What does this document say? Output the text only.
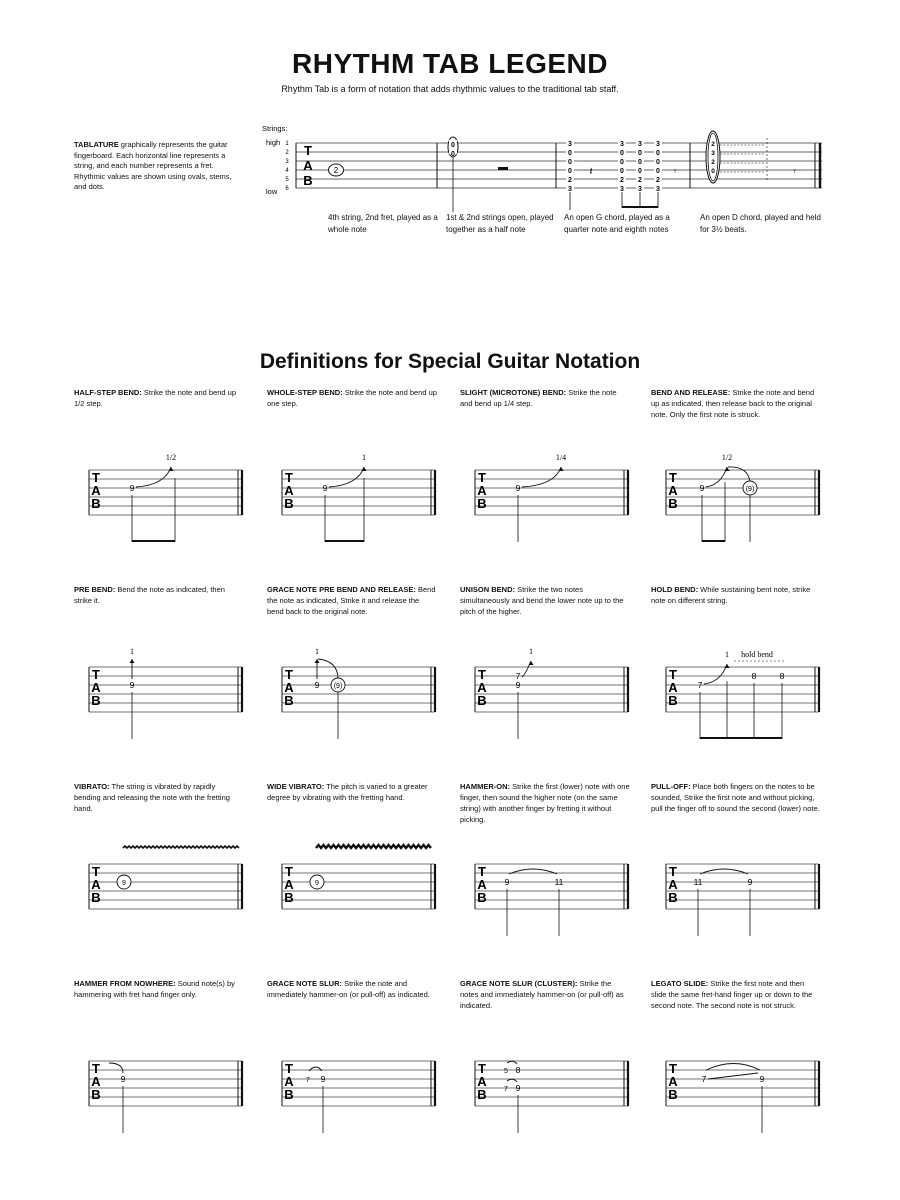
RHYTHM TAB LEGEND
Rhythm Tab is a form of notation that adds rhythmic values to the traditional tab staff.
TABLATURE graphically represents the guitar fingerboard. Each horizontal line represents a string, and each number represents a fret. Rhythmic values are shown using ovals, stems, and dots.
Strings:
high
low
1
2
3
4
5
6
T
A
B
2
0
0
3
0
0
0
2
3
𝄽
3
0
0
0
2
3
3
0
0
0
2
3
3
0
0
0
2
3
𝄾
2
3
2
0	𝄾
4th string, 2nd fret, played as a whole note
1st & 2nd strings open, played together as a half note
An open G chord, played as a quarter note and eighth notes
An open D chord, played and held for 3½ beats.
Definitions for Special Guitar Notation
HALF-STEP BEND: Strike the note and bend up 1/2 step.
T
A
B
9
1/2
WHOLE-STEP BEND: Strike the note and bend up one step.
T
A
B
9
1
SLIGHT (MICROTONE) BEND: Strike the note and bend up 1/4 step.
T
A
B
9
1/4
BEND AND RELEASE: Strike the note and bend up as indicated, then release back to the original note. Only the first note is struck.
T
A
B
9
1/2
(9)
PRE BEND: Bend the note as indicated, then strike it.
T
A
B
9
1
GRACE NOTE PRE BEND AND RELEASE: Bend the note as indicated, Strike it and release the bend back to the original note.
T
A
B
9
1
(9)
UNISON BEND: Strike the two notes simultaneously and bend the lower note up to the pitch of the higher.
T
A
B
7
9
1
HOLD BEND: While sustaining bent note, strike note on different string.
T
A
B
7
1 hold bend
8	8
VIBRATO: The string is vibrated by rapidly bending and releasing the note with the fretting hand.
T
A
B
9
WIDE VIBRATO: The pitch is varied to a greater degree by vibrating with the fretting hand.
T
A
B
9
HAMMER-ON: Strike the first (lower) note with one finger, then sound the higher note (on the same string) with another finger by fretting it without picking.
T
A
B
9	11
PULL-OFF: Place both fingers on the notes to be sounded, Strike the first note and without picking, pull the finger off to sound the second (lower) note.
T
A
B
11	9
HAMMER FROM NOWHERE: Sound note(s) by hammering with fret hand finger only.
T
A
B
9
GRACE NOTE SLUR: Strike the note and immediately hammer-on (or pull-off) as indicated.
T
A
B
7 9
GRACE NOTE SLUR (CLUSTER): Strike the notes and immediately hammer-on (or pull-off) as indicated.
T
A
B
5 8
7 9
LEGATO SLIDE: Strike the first note and then slide the same fret-hand finger up or down to the second note. The second note is not struck.
T
A
B
7	9
